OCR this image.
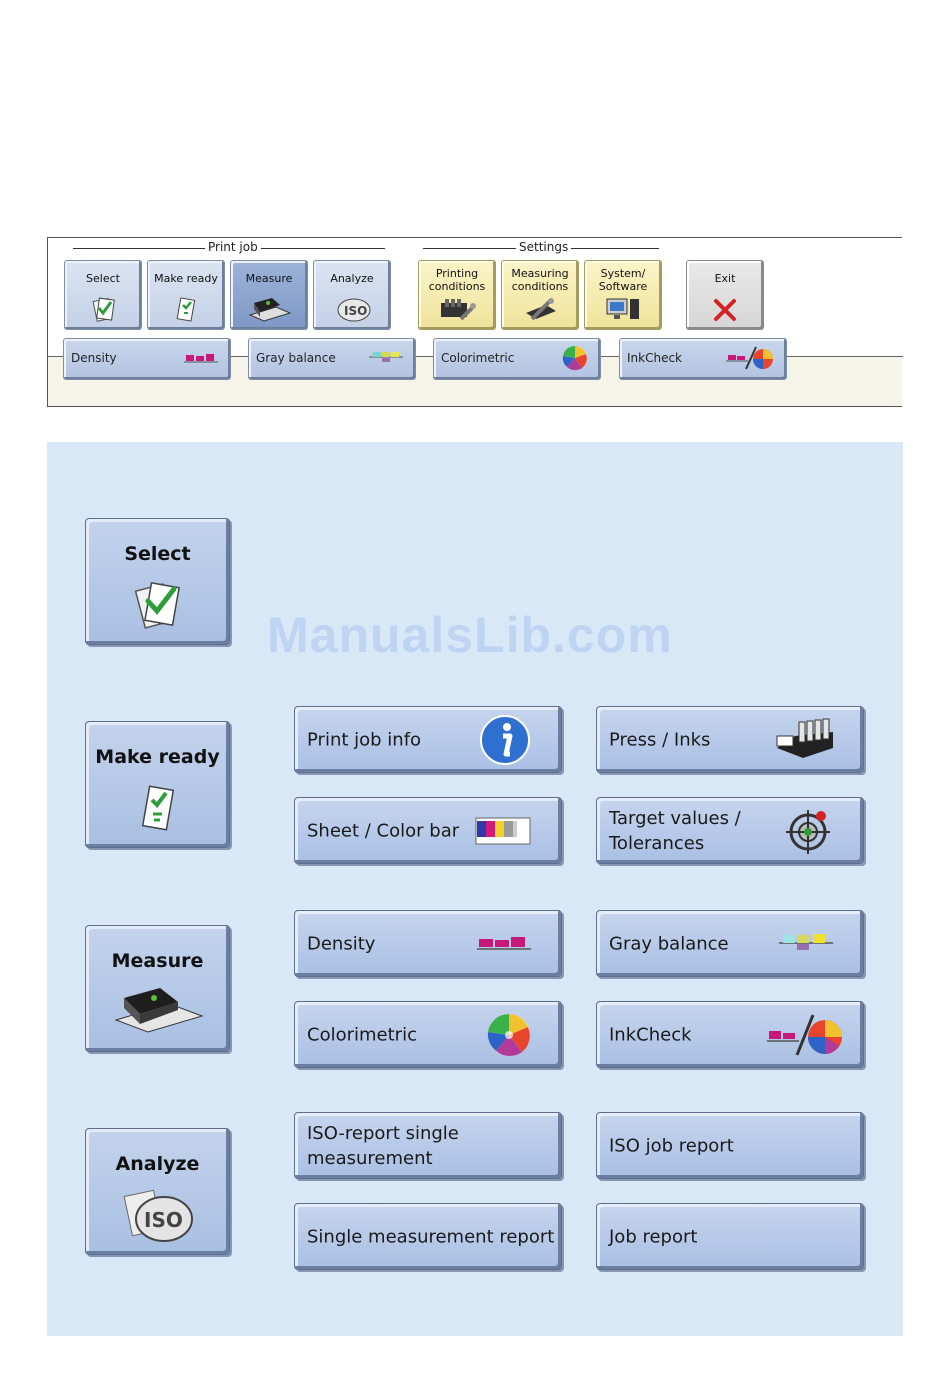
Print job	Settings
Select	Make ready	Measure	Analyze
ISO
Printing
conditions
Measuring
conditions
System/
Software
Exit
Density	Gray balance	Colorimetric	InkCheck
ManualsLib.com
Select
Make ready
Print job info	Press / Inks
Sheet / Color bar
Target values /
Tolerances
Measure
Density	Gray balance
Colorimetric	InkCheck
Analyze
ISO
ISO-report single
measurement
ISO job report
Single measurement report	Job report
